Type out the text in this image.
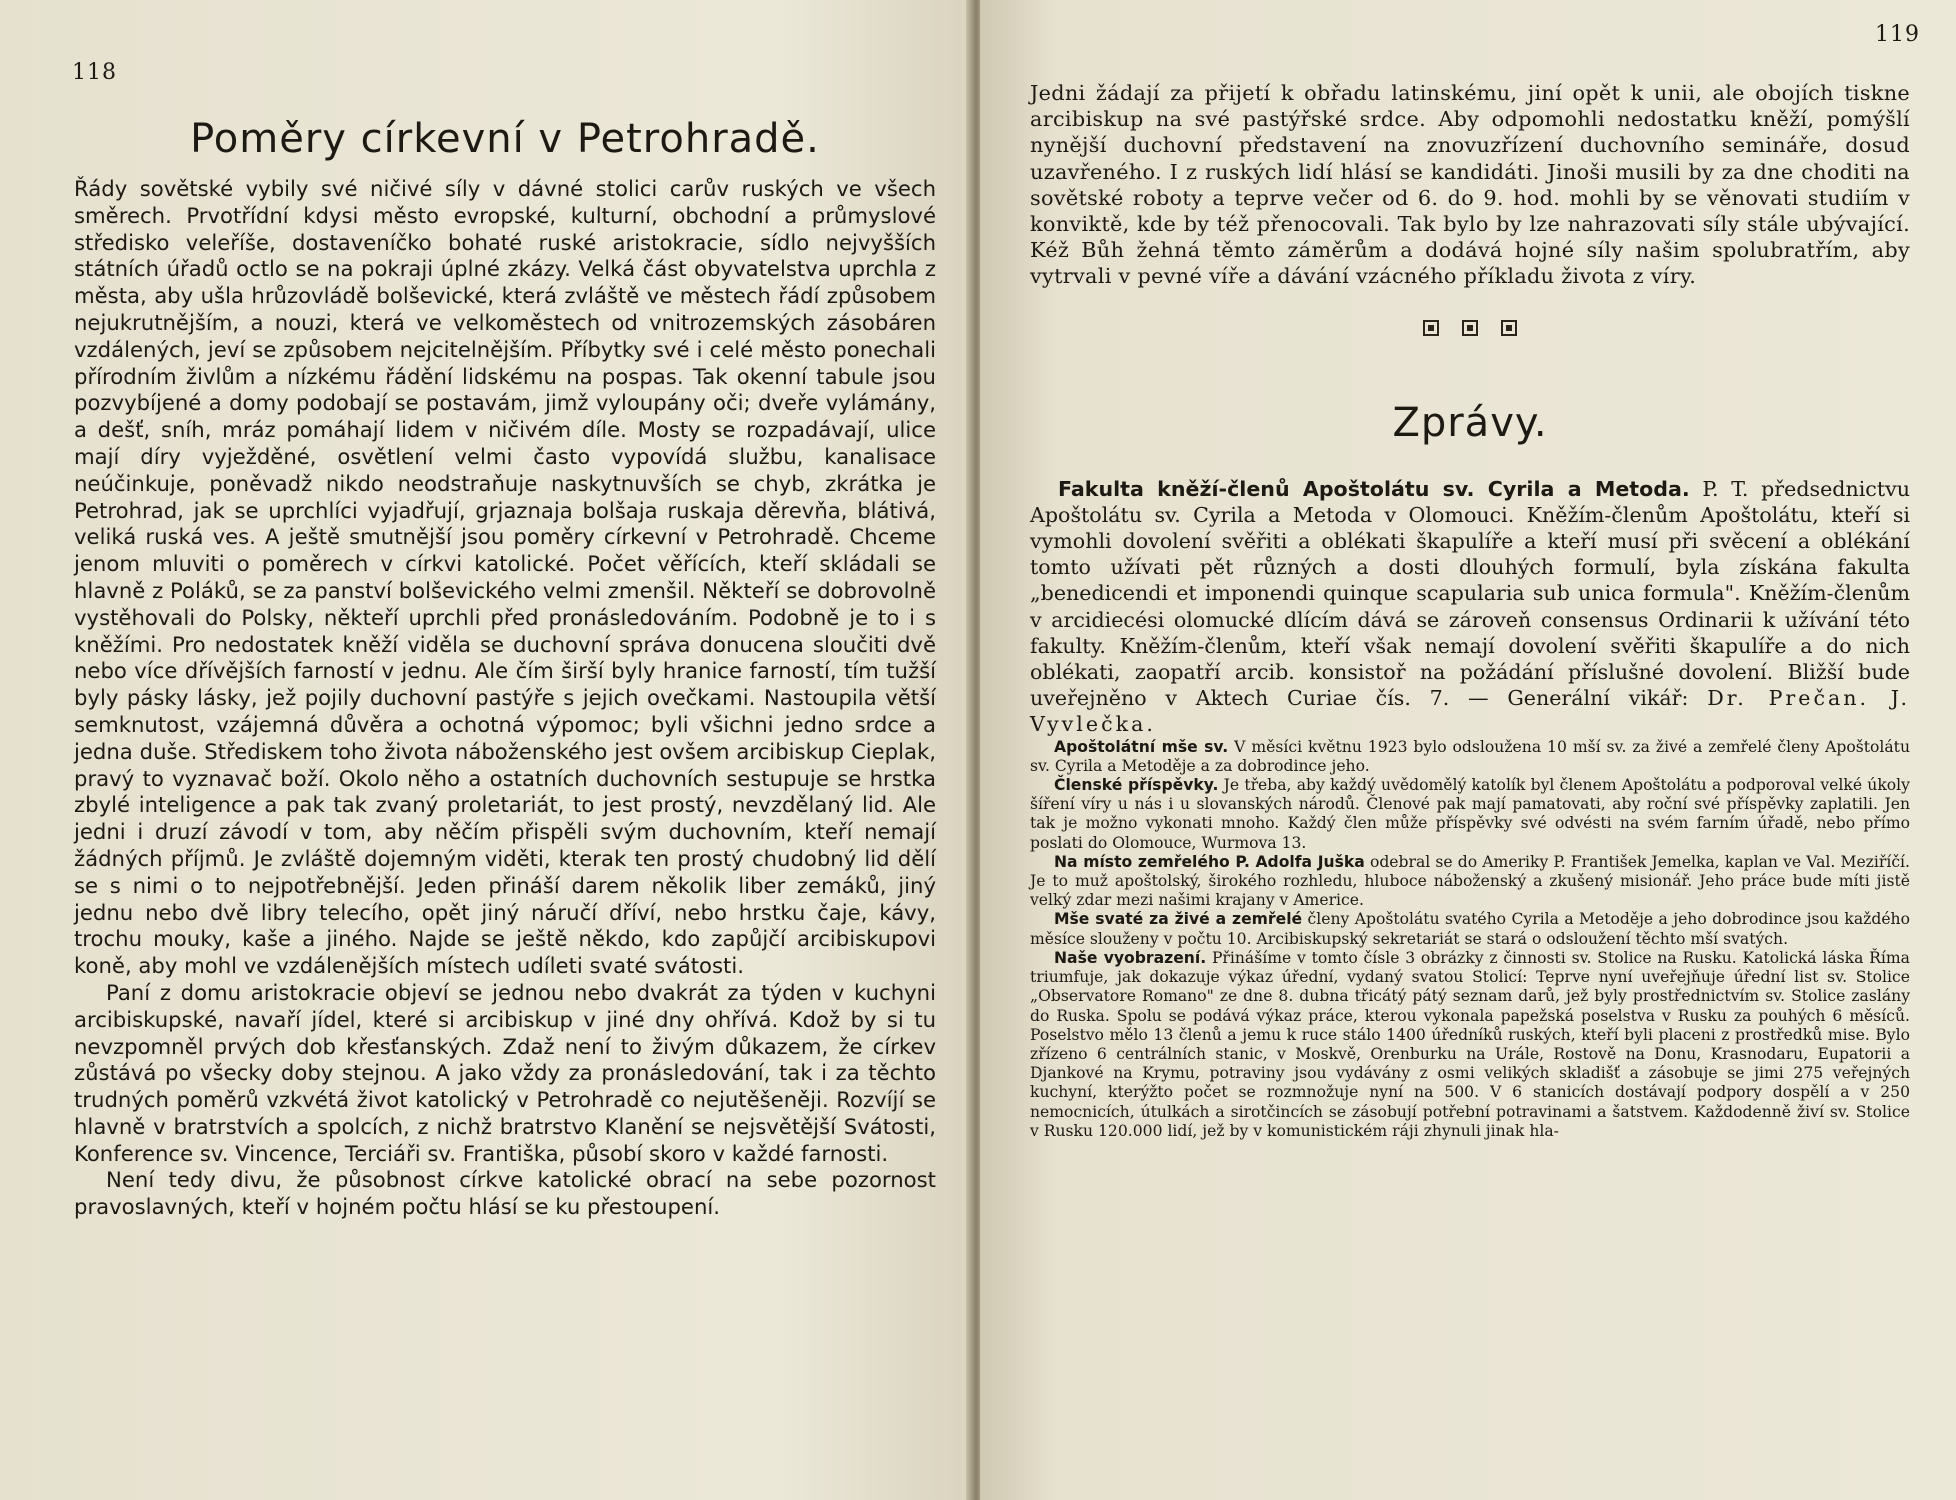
118
Poměry církevní v Petrohradě.

Řády sovětské vybily své ničivé síly v dávné stolici carův ruských ve všech směrech. Prvotřídní kdysi město evropské, kulturní, obchodní a průmyslové středisko veleříše, dostaveníčko bohaté ruské aristokracie, sídlo nejvyšších státních úřadů octlo se na pokraji úplné zkázy. Velká část obyvatelstva uprchla z města, aby ušla hrůzovládě bolševické, která zvláště ve městech řádí způsobem nejukrutnějším, a nouzi, která ve velkoměstech od vnitrozemských zásobáren vzdálených, jeví se způsobem nejcitelnějším. Příbytky své i celé město ponechali přírodním živlům a nízkému řádění lidskému na pospas. Tak okenní tabule jsou pozvybíjené a domy podobají se postavám, jimž vyloupány oči; dveře vylámány, a dešť, sníh, mráz pomáhají lidem v ničivém díle. Mosty se rozpadávají, ulice mají díry vyježděné, osvětlení velmi často vypovídá službu, kanalisace neúčinkuje, poněvadž nikdo neodstraňuje naskytnuvších se chyb, zkrátka je Petrohrad, jak se uprchlíci vyjadřují, grjaznaja bolšaja ruskaja děrevňa, blátivá, veliká ruská ves. A ještě smutnější jsou poměry církevní v Petrohradě. Chceme jenom mluviti o poměrech v církvi katolické. Počet věřících, kteří skládali se hlavně z Poláků, se za panství bolševického velmi zmenšil. Někteří se dobrovolně vystěhovali do Polsky, někteří uprchli před pronásledováním. Podobně je to i s kněžími. Pro nedostatek kněží viděla se duchovní správa donucena sloučiti dvě nebo více dřívějších farností v jednu. Ale čím širší byly hranice farností, tím tužší byly pásky lásky, jež pojily duchovní pastýře s jejich ovečkami. Nastoupila větší semknutost, vzájemná důvěra a ochotná výpomoc; byli všichni jedno srdce a jedna duše. Střediskem toho života náboženského jest ovšem arcibiskup Cieplak, pravý to vyznavač boží. Okolo něho a ostatních duchovních sestupuje se hrstka zbylé inteligence a pak tak zvaný proletariát, to jest prostý, nevzdělaný lid. Ale jedni i druzí závodí v tom, aby něčím přispěli svým duchovním, kteří nemají žádných příjmů. Je zvláště dojemným viděti, kterak ten prostý chudobný lid dělí se s nimi o to nejpotřebnější. Jeden přináší darem několik liber zemáků, jiný jednu nebo dvě libry telecího, opět jiný náručí dříví, nebo hrstku čaje, kávy, trochu mouky, kaše a jiného. Najde se ještě někdo, kdo zapůjčí arcibiskupovi koně, aby mohl ve vzdálenějších místech udíleti svaté svátosti.

Paní z domu aristokracie objeví se jednou nebo dvakrát za týden v kuchyni arcibiskupské, navaří jídel, které si arcibiskup v jiné dny ohřívá. Kdož by si tu nevzpomněl prvých dob křesťanských. Zdaž není to živým důkazem, že církev zůstává po všecky doby stejnou. A jako vždy za pronásledování, tak i za těchto trudných poměrů vzkvétá život katolický v Petrohradě co nejutěšeněji. Rozvíjí se hlavně v bratrstvích a spolcích, z nichž bratrstvo Klanění se nejsvětější Svátosti, Konference sv. Vincence, Terciáři sv. Františka, působí skoro v každé farnosti.

Není tedy divu, že působnost církve katolické obrací na sebe pozornost pravoslavných, kteří v hojném počtu hlásí se ku přestoupení.

119

Jedni žádají za přijetí k obřadu latinskému, jiní opět k unii, ale obojích tiskne arcibiskup na své pastýřské srdce. Aby odpomohli nedostatku kněží, pomýšlí nynější duchovní představení na znovuzřízení duchovního semináře, dosud uzavřeného. I z ruských lidí hlásí se kandidáti. Jinoši musili by za dne choditi na sovětské roboty a teprve večer od 6. do 9. hod. mohli by se věnovati studiím v konviktě, kde by též přenocovali. Tak bylo by lze nahrazovati síly stále ubývající. Kéž Bůh žehná těmto záměrům a dodává hojné síly našim spolubratřím, aby vytrvali v pevné víře a dávání vzácného příkladu života z víry.

Zprávy.

Fakulta kněží-členů Apoštolátu sv. Cyrila a Metoda. P. T. předsednictvu Apoštolátu sv. Cyrila a Metoda v Olomouci. Kněžím-členům Apoštolátu, kteří si vymohli dovolení svěřiti a oblékati škapulíře a kteří musí při svěcení a oblékání tomto užívati pět různých a dosti dlouhých formulí, byla získána fakulta „benedicendi et imponendi quinque scapularia sub unica formula". Kněžím-členům v arcidiecési olomucké dlícím dává se zároveň consensus Ordinarii k užívání této fakulty. Kněžím-členům, kteří však nemají dovolení svěřiti škapulíře a do nich oblékati, zaopatří arcib. konsistoř na požádání příslušné dovolení. Bližší bude uveřejněno v Aktech Curiae čís. 7. — Generální vikář: Dr. Prečan. J. Vyvlečka.

Apoštolátní mše sv. V měsíci květnu 1923 bylo odsloužena 10 mší sv. za živé a zemřelé členy Apoštolátu sv. Cyrila a Metoděje a za dobrodince jeho.

Členské příspěvky. Je třeba, aby každý uvědomělý katolík byl členem Apoštolátu a podporoval velké úkoly šíření víry u nás i u slovanských národů. Členové pak mají pamatovati, aby roční své příspěvky zaplatili. Jen tak je možno vykonati mnoho. Každý člen může příspěvky své odvésti na svém farním úřadě, nebo přímo poslati do Olomouce, Wurmova 13.

Na místo zemřelého P. Adolfa Juška odebral se do Ameriky P. František Jemelka, kaplan ve Val. Meziříčí. Je to muž apoštolský, širokého rozhledu, hluboce náboženský a zkušený misionář. Jeho práce bude míti jistě velký zdar mezi našimi krajany v Americe.

Mše svaté za živé a zemřelé členy Apoštolátu svatého Cyrila a Metoděje a jeho dobrodince jsou každého měsíce slouženy v počtu 10. Arcibiskupský sekretariát se stará o odsloužení těchto mší svatých.

Naše vyobrazení. Přinášíme v tomto čísle 3 obrázky z činnosti sv. Stolice na Rusku. Katolická láska Říma triumfuje, jak dokazuje výkaz úřední, vydaný svatou Stolicí: Teprve nyní uveřejňuje úřední list sv. Stolice „Observatore Romano" ze dne 8. dubna třicátý pátý seznam darů, jež byly prostřednictvím sv. Stolice zaslány do Ruska. Spolu se podává výkaz práce, kterou vykonala papežská poselstva v Rusku za pouhých 6 měsíců. Poselstvo mělo 13 členů a jemu k ruce stálo 1400 úředníků ruských, kteří byli placeni z prostředků mise. Bylo zřízeno 6 centrálních stanic, v Moskvě, Orenburku na Urále, Rostově na Donu, Krasnodaru, Eupatorii a Djankové na Krymu, potraviny jsou vydávány z osmi velikých skladišť a zásobuje se jimi 275 veřejných kuchyní, kterýžto počet se rozmnožuje nyní na 500. V 6 stanicích dostávají podpory dospělí a v 250 nemocnicích, útulkách a sirotčincích se zásobují potřební potravinami a šatstvem. Každodenně živí sv. Stolice v Rusku 120.000 lidí, jež by v komunistickém ráji zhynuli jinak hla-
